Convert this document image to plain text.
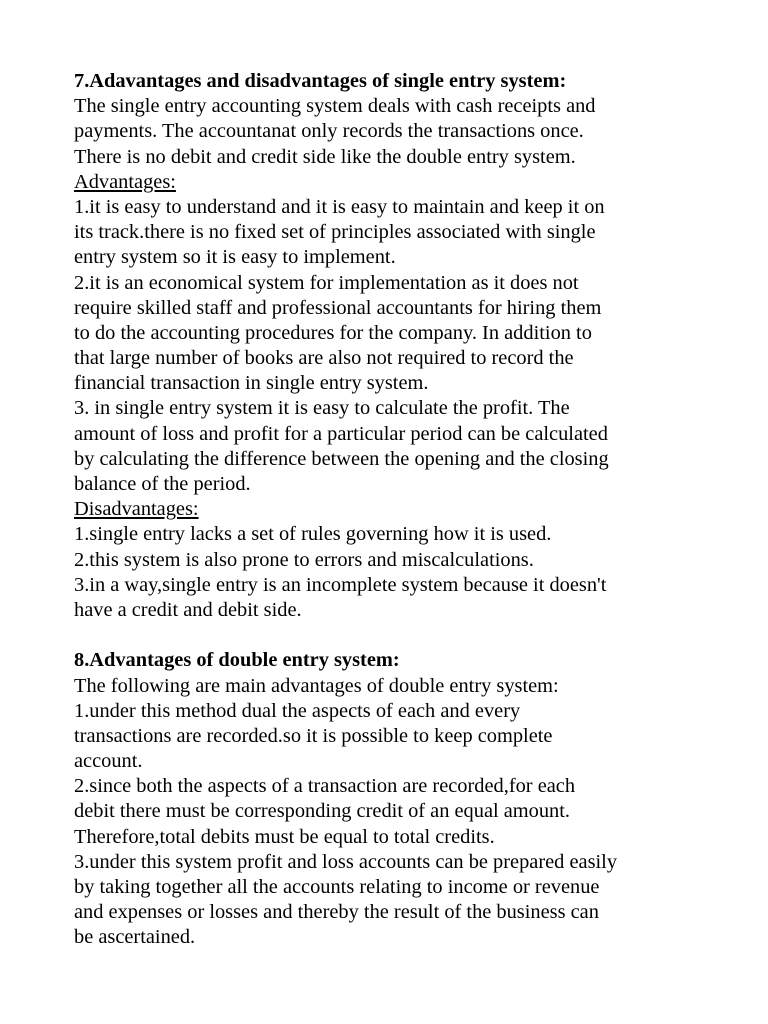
7.Adavantages and disadvantages of single entry system:
The single entry accounting system deals with cash receipts and
payments. The accountanat only records the transactions once.
There is no debit and credit side like the double entry system.
Advantages:
1.it is easy to understand and it is easy to maintain and keep it on
its track.there is no fixed set of principles associated with single
entry system so it is easy to implement.
2.it is an economical system for implementation as it does not
require skilled staff and professional accountants for hiring them
to do the accounting procedures for the company. In addition to
that large number of books are also not required to record the
financial transaction in single entry system.
3. in single entry system it is easy to calculate the profit. The
amount of loss and profit for a particular period can be calculated
by calculating the difference between the opening and the closing
balance of the period.
Disadvantages:
1.single entry lacks a set of rules governing how it is used.
2.this system is also prone to errors and miscalculations.
3.in a way,single entry is an incomplete system because it doesn't
have a credit and debit side.
8.Advantages of double entry system:
The following are main advantages of double entry system:
1.under this method dual the aspects of each and every
transactions are recorded.so it is possible to keep complete
account.
2.since both the aspects of a transaction are recorded,for each
debit there must be corresponding credit of an equal amount.
Therefore,total debits must be equal to total credits.
3.under this system profit and loss accounts can be prepared easily
by taking together all the accounts relating to income or revenue
and expenses or losses and thereby the result of the business can
be ascertained.
